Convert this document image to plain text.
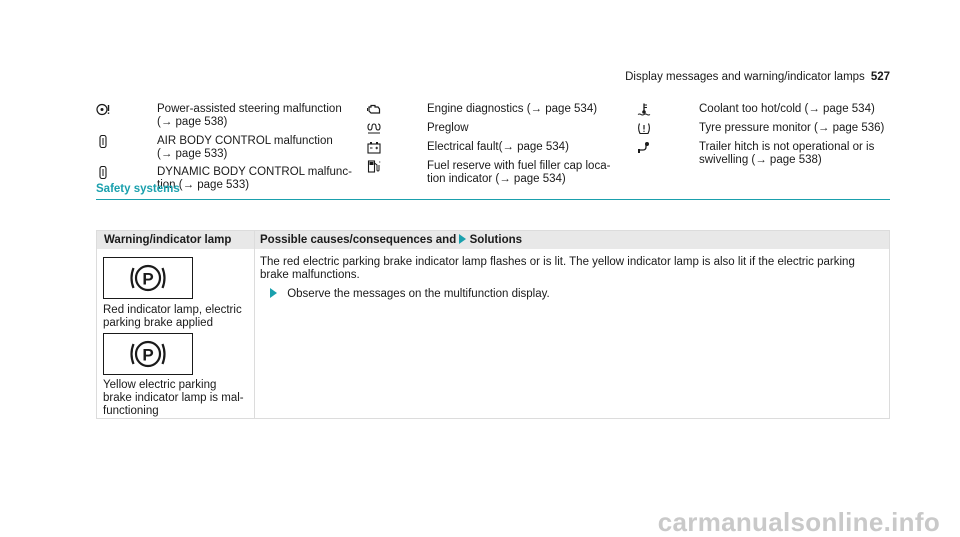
Display messages and warning/indicator lamps 527
Power-assisted steering malfunction
(→ page 538)
AIR BODY CONTROL malfunction
(→ page 533)
DYNAMIC BODY CONTROL malfunc-
tion (→ page 533)
Engine diagnostics (→ page 534)
Preglow
Electrical fault(→ page 534)
Fuel reserve with fuel filler cap loca-
tion indicator (→ page 534)
Coolant too hot/cold (→ page 534)
Tyre pressure monitor (→ page 536)
Trailer hitch is not operational or is
swivelling (→ page 538)
Safety systems
Warning/indicator lamp	Possible causes/consequences and Solutions
P
Red indicator lamp, electric
parking brake applied
P
Yellow electric parking
brake indicator lamp is mal-
functioning
The red electric parking brake indicator lamp flashes or is lit. The yellow indicator lamp is also lit if the electric parking
brake malfunctions.
Observe the messages on the multifunction display.
carmanualsonline.info
